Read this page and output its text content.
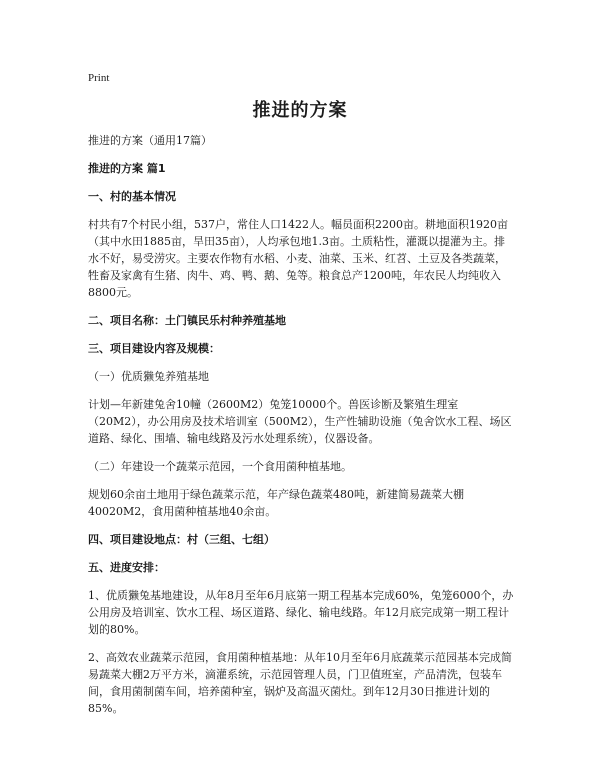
Print
推进的方案

推进的方案（通用17篇）

推进的方案 篇1

一、村的基本情况

村共有7个村民小组，537户，常住人口1422人。幅员面积2200亩。耕地面积1920亩（其中水田1885亩，旱田35亩），人均承包地1.3亩。土质粘性，灌溉以提灌为主。排水不好，易受涝灾。主要农作物有水稻、小麦、油菜、玉米、红苕、土豆及各类蔬菜，牲畜及家禽有生猪、肉牛、鸡、鸭、鹅、兔等。粮食总产1200吨，年农民人均纯收入8800元。

二、项目名称：土门镇民乐村种养殖基地

三、项目建设内容及规模：

（一）优质獭兔养殖基地

计划—年新建兔舍10幢（2600M2）兔笼10000个。兽医诊断及繁殖生理室（20M2），办公用房及技术培训室（500M2），生产性辅助设施（兔舍饮水工程、场区道路、绿化、围墙、输电线路及污水处理系统），仪器设备。

（二）年建设一个蔬菜示范园，一个食用菌种植基地。

规划60余亩土地用于绿色蔬菜示范，年产绿色蔬菜480吨，新建简易蔬菜大棚40020M2，食用菌种植基地40余亩。

四、项目建设地点：村（三组、七组）

五、进度安排：

1、优质獭兔基地建设，从年8月至年6月底第一期工程基本完成60%，兔笼6000个，办公用房及培训室、饮水工程、场区道路、绿化、输电线路。年12月底完成第一期工程计划的80%。

2、高效农业蔬菜示范园，食用菌种植基地：从年10月至年6月底蔬菜示范园基本完成简易蔬菜大棚2万平方米，滴灌系统，示范园管理人员，门卫值班室，产品清洗，包装车间，食用菌制菌车间，培养菌种室，锅炉及高温灭菌灶。到年12月30日推进计划的85%。
